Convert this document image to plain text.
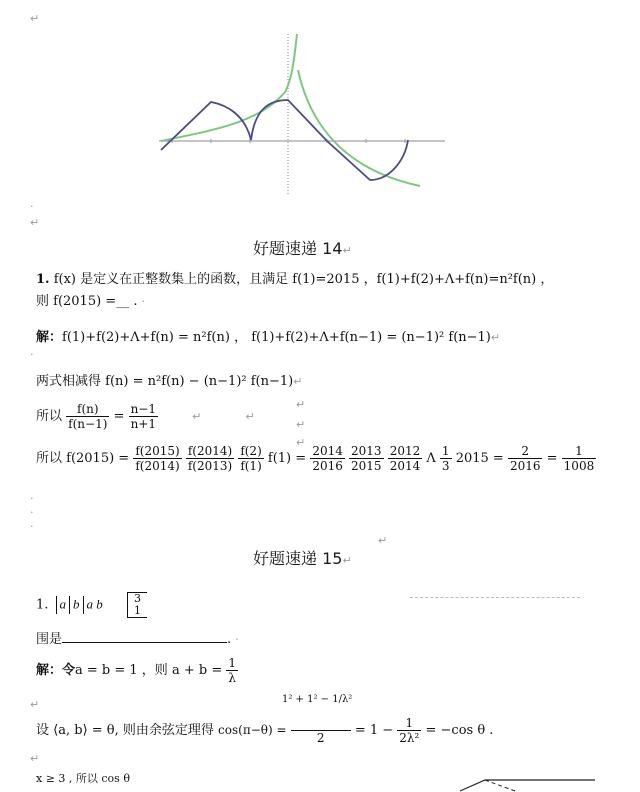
↵
·
↵
好题速递 14↵
1. f(x) 是定义在正整数集上的函数，且满足 f(1)=2015 ，f(1)+f(2)+Λ+f(n)=n²f(n) ，
则 f(2015) =__ . ·
解：f(1)+f(2)+Λ+f(n) = n²f(n) ， f(1)+f(2)+Λ+f(n−1) = (n−1)² f(n−1)↵
·
两式相减得 f(n) = n²f(n) − (n−1)² f(n−1)↵
所以 $\frac{f(n)}{f(n-1)} = \frac{n-1}{n+1}$	↵	↵
↵
↵
↵
所以 $f(2015) = \frac{f(2015)}{f(2014)}$
$\frac{f(2014)}{f(2013)}$
$\frac{f(2)}{f(1)} f(1) = \frac{2014}{2016}$
$\frac{2013}{2015}$
$\frac{2012}{2014}$ Λ $\frac{1}{3} 2015 = \frac{2}{2016} = \frac{1}{1008}$
·
·
·
好题速递 15↵
↵
1. a b a b	3
1
围是	. ·
解：令a = b = 1 ，则 $a + b = \frac{1}{\lambda}$
↵	1² + 1² − 1/λ²
设 ⟨a, b⟩ = θ, 则由余弦定理得 cos(π−θ) =

2	= $1 - \frac{1}{\text{2λ²}} = -\cos$ θ .
↵
x ≥ 3 , 所以 cos θ
